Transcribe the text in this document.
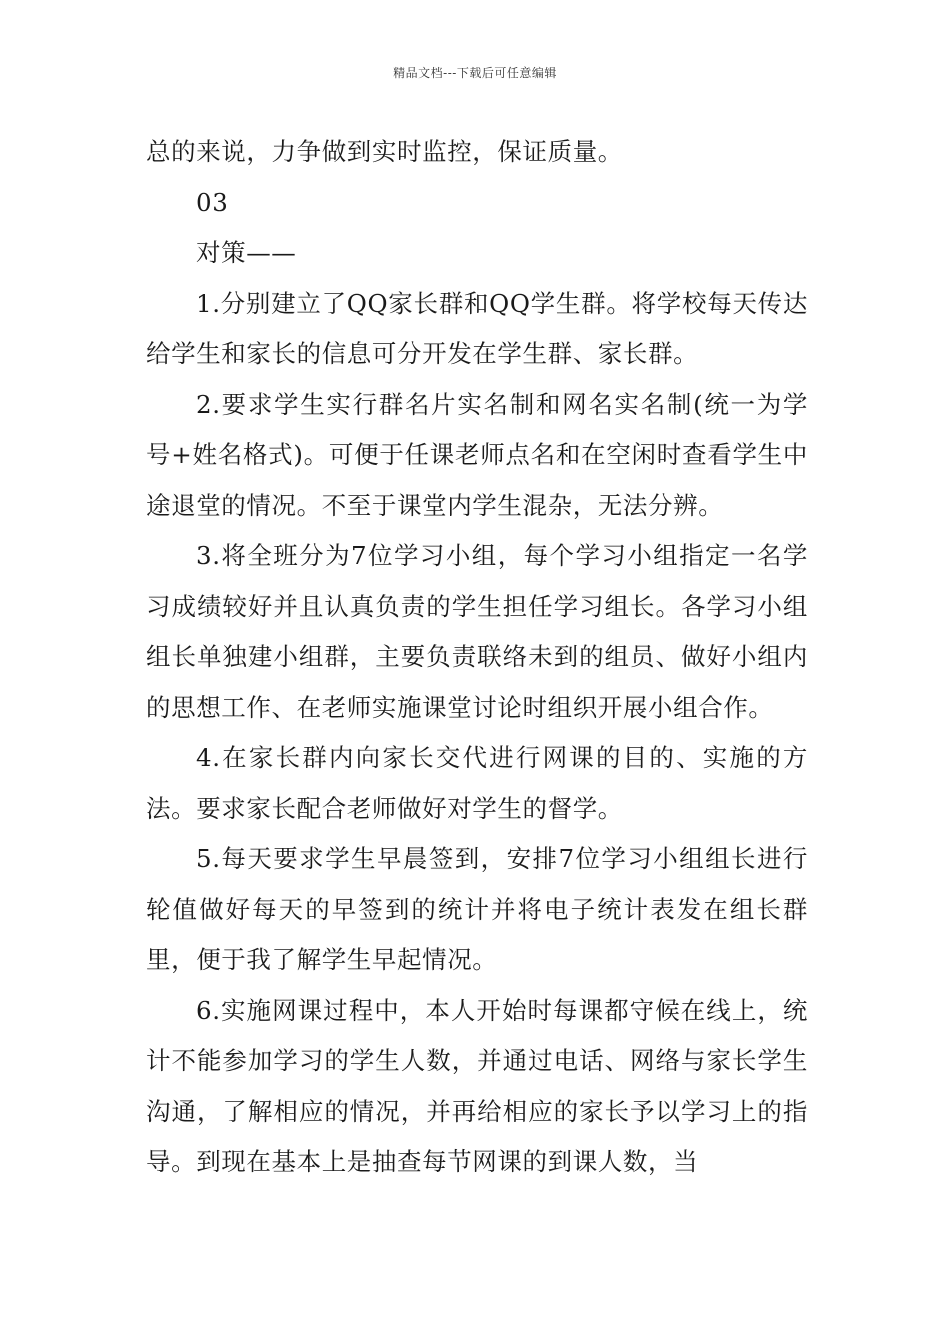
精品文档---下载后可任意编辑

总的来说，力争做到实时监控，保证质量。

03

对策——

1.分别建立了QQ家长群和QQ学生群。将学校每天传达给学生和家长的信息可分开发在学生群、家长群。

2.要求学生实行群名片实名制和网名实名制(统一为学号+姓名格式)。可便于任课老师点名和在空闲时查看学生中途退堂的情况。不至于课堂内学生混杂，无法分辨。

3.将全班分为7位学习小组，每个学习小组指定一名学习成绩较好并且认真负责的学生担任学习组长。各学习小组组长单独建小组群，主要负责联络未到的组员、做好小组内的思想工作、在老师实施课堂讨论时组织开展小组合作。

4.在家长群内向家长交代进行网课的目的、实施的方法。要求家长配合老师做好对学生的督学。

5.每天要求学生早晨签到，安排7位学习小组组长进行轮值做好每天的早签到的统计并将电子统计表发在组长群里，便于我了解学生早起情况。

6.实施网课过程中，本人开始时每课都守候在线上，统计不能参加学习的学生人数，并通过电话、网络与家长学生沟通，了解相应的情况，并再给相应的家长予以学习上的指导。到现在基本上是抽查每节网课的到课人数，当
